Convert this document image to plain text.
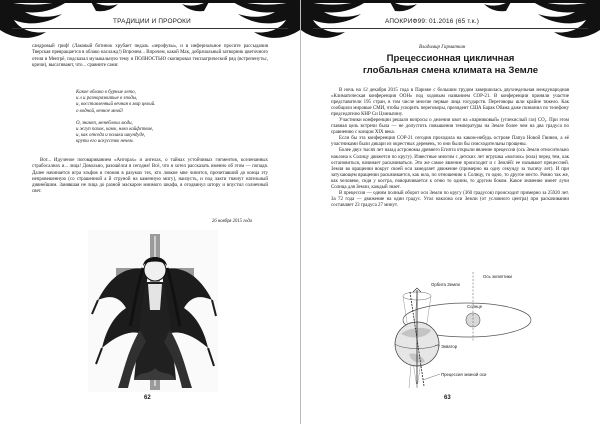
ТРАДИЦИИ И ПРОРОКИ

сандровый гриф! (Лаковый ботинок хрубает педаль «зерофузы», и в инфернальное просите рассыдания Тверская превращается в облако наслажд!) Впрочем... Впрочем, какой Мак, добрачальный затворник цветочного отеля в Ментрё, подсказал музыкальную тему и ПОЛНОСТЬЮ скопировал тектаагрический ряд (встрепенутьс, кричи), высагивают, что... сравните сами:

Какое облако в бурные лето,
и л и разноразвитые в эподы,
и, восставленный вечная в мир целый.
о водной, вечное мной!
О, знают, менеблоки люди,
и жгуп пахок, каюк, нлко кайфствие,
и, как отседа и полаки шкундуде,
крути его искусство нечем.

Вот... Идученое поговариванием «Ангорах» и ангелах, о тайнах устойчивых гигментов, кселенанных страбосалнах и... лица! Довольно, разошёлся я сегодня! Всё, что я хотел рассказать именно об этом — попадя. Далее начинается игра эльфов и гномов в разумах тех, кто ловкие мне чинится, прочитавший до конца эту непровешенную (со страшенной а й струной на каменную мигу), наизусть, и под лакти тяжнут нательный дивнейшим. Занявшая не лица до разной маскарон мнимого шкафа, я отодвинул штору и впустил солнечный свет.

26 ноября 2015 года
62
АПОКРИФ99: 01.2016 (65 т.к.)
Владимир Гарматкин
Прецессионная цикличная
глобальная смена климата на Земле

В ночь на 12 декабря 2015 года в Париже с большим трудом завершилась двухнедельная международная «Климатическая конференция ООН» под ходовым названием COP-21. В конференции приняли участие представители 195 стран, в том числе многие первые лица государств. Переговоры шли крайне тяжело. Как сообщили мировые СМИ, чтобы ускорить переговоры, президент США Барак Обама даже позвонил по телефону председателю КНР Си Цзиньпину.

Участники конференции решали вопросы о делении квот на «парниковый» (углекислый газ) CO₂. При этом главная цель встречи была — не допустить повышения температуры на Земле более чем на два градуса по сравнению с концом XIX века.

Если бы эта конференция COP-21 сегодня проходила на каком-нибудь острове Папуа Новой Гвинеи, а её участниками были дикари из окрестных деревень, то они были бы снисходительны прощены.

Более двух тысяч лет назад астрономы древнего Египта открыли явление прецессии (ось Земли относительно наклона к Солнцу движется по кругу). Известные многим с детских лет игрушка «волчок» (юла) перед тем, как остановиться, начинает раскачиваться. Это же самое явление происходит и с Землёй: ее называют прецессией. Земля во вращении вокруг своей оси замедляет движение (примерно на одну секунду за тысячу лет). И при затухающем вращении раскачивается, как юла, по отношению к Солнцу, то одно, то другое место. Ровно так же, как человеке, сидя у костра, поворачивается к огню то одним, то другим боком. Какое значение имеет лучи Солнца для Земли, каждый знает.

В прецессии — одним полный оборот оси Земли по кругу (360 градусов) происходит примерно за 25920 лет. За 72 года — движение на один градус. Угол наклона оси Земли (от условного центра) при раскачивании составляет 23 градуса 27 минут.

Ось эклиптики
Орбита Земли
Солнце
Экватор
Прецессия земной оси
63
